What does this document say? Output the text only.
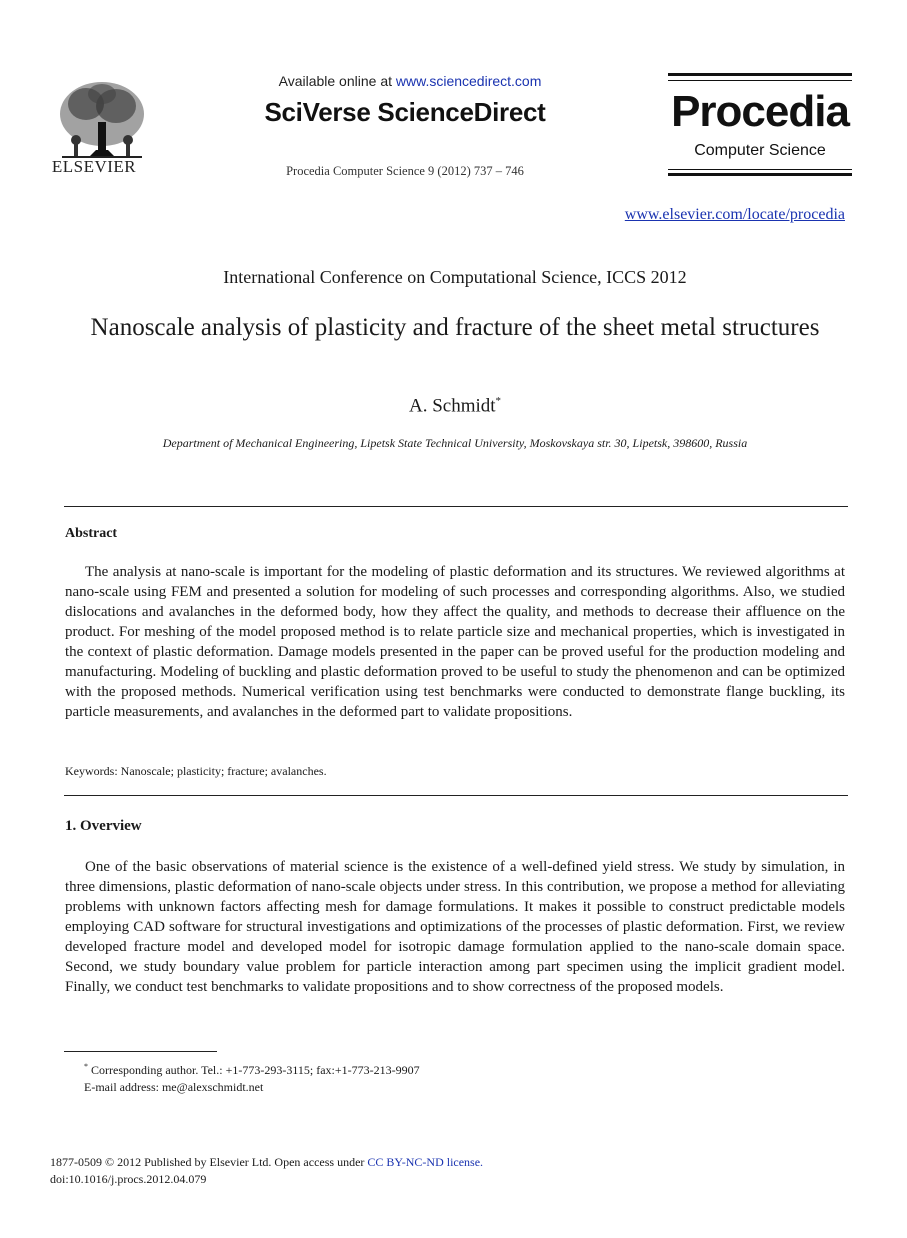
ELSEVIER
Available online at www.sciencedirect.com
SciVerse ScienceDirect
Procedia Computer Science 9 (2012) 737 – 746
Procedia
Computer Science
www.elsevier.com/locate/procedia
International Conference on Computational Science, ICCS 2012
Nanoscale analysis of plasticity and fracture of the sheet metal structures
A. Schmidt*
Department of Mechanical Engineering, Lipetsk State Technical University, Moskovskaya str. 30, Lipetsk, 398600, Russia
Abstract
The analysis at nano-scale is important for the modeling of plastic deformation and its structures. We reviewed algorithms at nano-scale using FEM and presented a solution for modeling of such processes and corresponding algorithms. Also, we studied dislocations and avalanches in the deformed body, how they affect the quality, and methods to decrease their affluence on the product. For meshing of the model proposed method is to relate particle size and mechanical properties, which is investigated in the context of plastic deformation. Damage models presented in the paper can be proved useful for the production modeling and manufacturing. Modeling of buckling and plastic deformation proved to be useful to study the phenomenon and can be optimized with the proposed methods. Numerical verification using test benchmarks were conducted to demonstrate flange buckling, its particle measurements, and avalanches in the deformed part to validate propositions.
Keywords: Nanoscale; plasticity; fracture; avalanches.
1. Overview
One of the basic observations of material science is the existence of a well-defined yield stress. We study by simulation, in three dimensions, plastic deformation of nano-scale objects under stress. In this contribution, we propose a method for alleviating problems with unknown factors affecting mesh for damage formulations. It makes it possible to construct predictable models employing CAD software for structural investigations and optimizations of the processes of plastic deformation. First, we review developed fracture model and developed model for isotropic damage formulation applied to the nano-scale domain space. Second, we study boundary value problem for particle interaction among part specimen using the implicit gradient model. Finally, we conduct test benchmarks to validate propositions and to show correctness of the proposed models.
* Corresponding author. Tel.: +1-773-293-3115; fax:+1-773-213-9907
E-mail address: me@alexschmidt.net
1877-0509 © 2012 Published by Elsevier Ltd. Open access under CC BY-NC-ND license.
doi:10.1016/j.procs.2012.04.079
